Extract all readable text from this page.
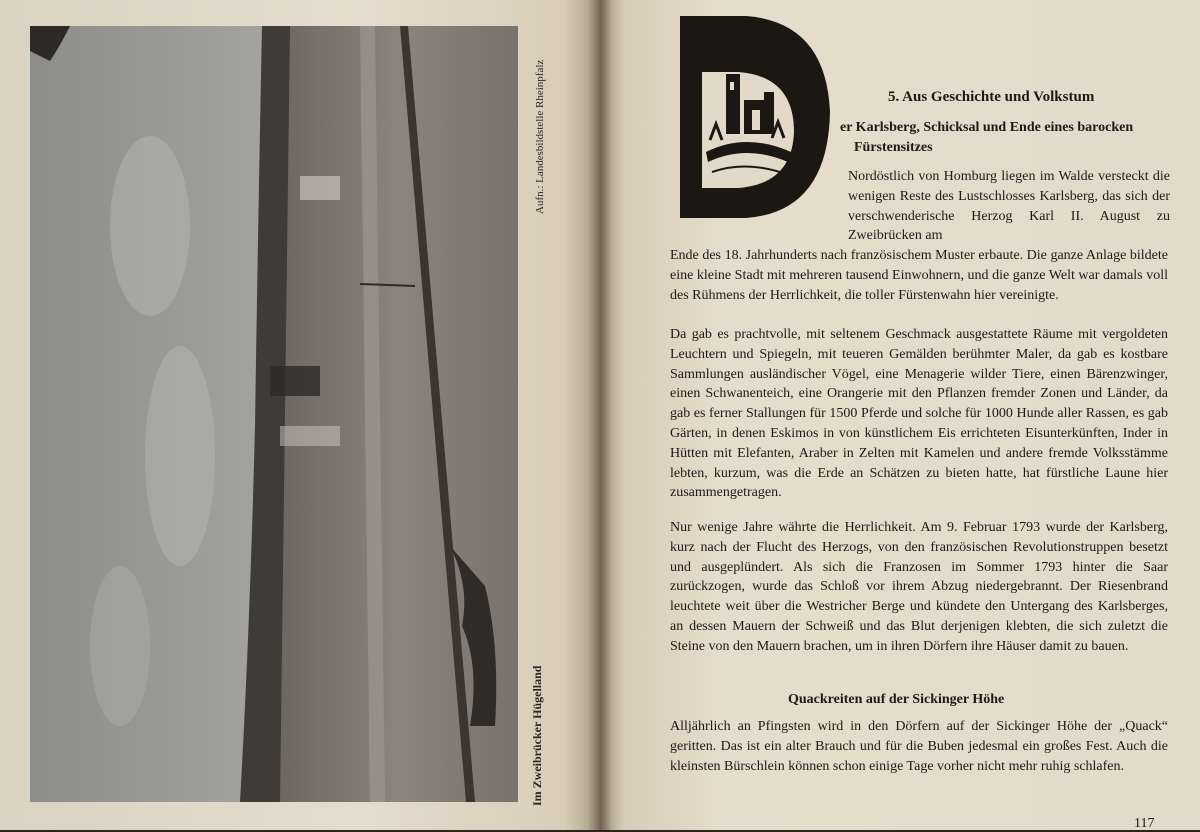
Aufn.: Landesbildstelle Rheinpfalz
Im Zweibrücker Hügelland
5. Aus Geschichte und Volkstum
er Karlsberg, Schicksal und Ende eines barocken
Fürstensitzes
Nordöstlich von Homburg liegen im Walde versteckt die wenigen Reste des Lustschlosses Karlsberg, das sich der verschwenderische Herzog Karl II. August zu Zweibrücken am
Ende des 18. Jahrhunderts nach französischem Muster erbaute. Die ganze Anlage bildete eine kleine Stadt mit mehreren tausend Einwohnern, und die ganze Welt war damals voll des Rühmens der Herrlichkeit, die toller Fürstenwahn hier vereinigte.
Da gab es prachtvolle, mit seltenem Geschmack ausgestattete Räume mit vergoldeten Leuchtern und Spiegeln, mit teueren Gemälden berühmter Maler, da gab es kostbare Sammlungen ausländischer Vögel, eine Menagerie wilder Tiere, einen Bärenzwinger, einen Schwanenteich, eine Orangerie mit den Pflanzen fremder Zonen und Länder, da gab es ferner Stallungen für 1500 Pferde und solche für 1000 Hunde aller Rassen, es gab Gärten, in denen Eskimos in von künstlichem Eis errichteten Eisunterkünften, Inder in Hütten mit Elefanten, Araber in Zelten mit Kamelen und andere fremde Volksstämme lebten, kurzum, was die Erde an Schätzen zu bieten hatte, hat fürstliche Laune hier zusammengetragen.
Nur wenige Jahre währte die Herrlichkeit. Am 9. Februar 1793 wurde der Karlsberg, kurz nach der Flucht des Herzogs, von den französischen Revolutionstruppen besetzt und ausgeplündert. Als sich die Franzosen im Sommer 1793 hinter die Saar zurückzogen, wurde das Schloß vor ihrem Abzug niedergebrannt. Der Riesenbrand leuchtete weit über die Westricher Berge und kündete den Untergang des Karlsberges, an dessen Mauern der Schweiß und das Blut derjenigen klebten, die sich zuletzt die Steine von den Mauern brachen, um in ihren Dörfern ihre Häuser damit zu bauen.
Quackreiten auf der Sickinger Höhe
Alljährlich an Pfingsten wird in den Dörfern auf der Sickinger Höhe der „Quack“ geritten. Das ist ein alter Brauch und für die Buben jedesmal ein großes Fest. Auch die kleinsten Bürschlein können schon einige Tage vorher nicht mehr ruhig schlafen.
117
